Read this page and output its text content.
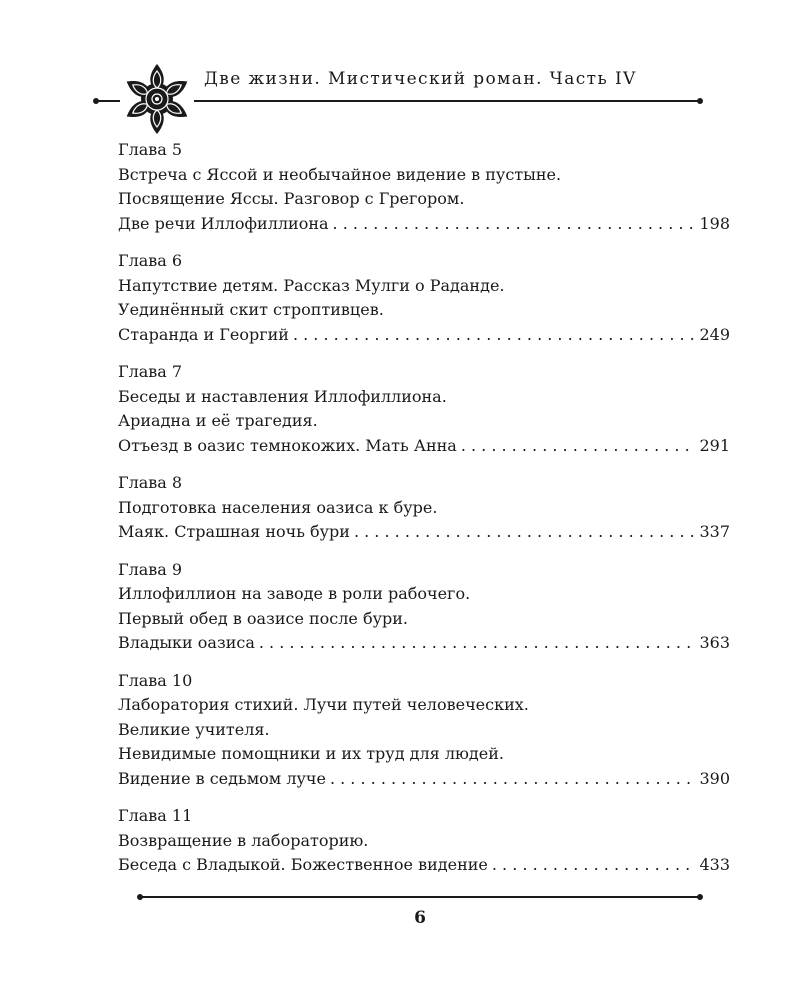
Две жизни. Мистический роман. Часть IV
Глава 5
Встреча с Яссой и необычайное видение в пустыне.
Посвящение Яссы. Разговор с Грегором.
Две речи Иллофиллиона . . .	198
Глава 6
Напутствие детям. Рассказ Мулги о Раданде.
Уединённый скит строптивцев.
Старанда и Георгий . . .	249
Глава 7
Беседы и наставления Иллофиллиона.
Ариадна и её трагедия.
Отъезд в оазис темнокожих. Мать Анна . . .	291
Глава 8
Подготовка населения оазиса к буре.
Маяк. Страшная ночь бури . . .	337
Глава 9
Иллофиллион на заводе в роли рабочего.
Первый обед в оазисе после бури.
Владыки оазиса . . .	363
Глава 10
Лаборатория стихий. Лучи путей человеческих.
Великие учителя.
Невидимые помощники и их труд для людей.
Видение в седьмом луче . . .	390
Глава 11
Возвращение в лабораторию.
Беседа с Владыкой. Божественное видение . . .	433
6
